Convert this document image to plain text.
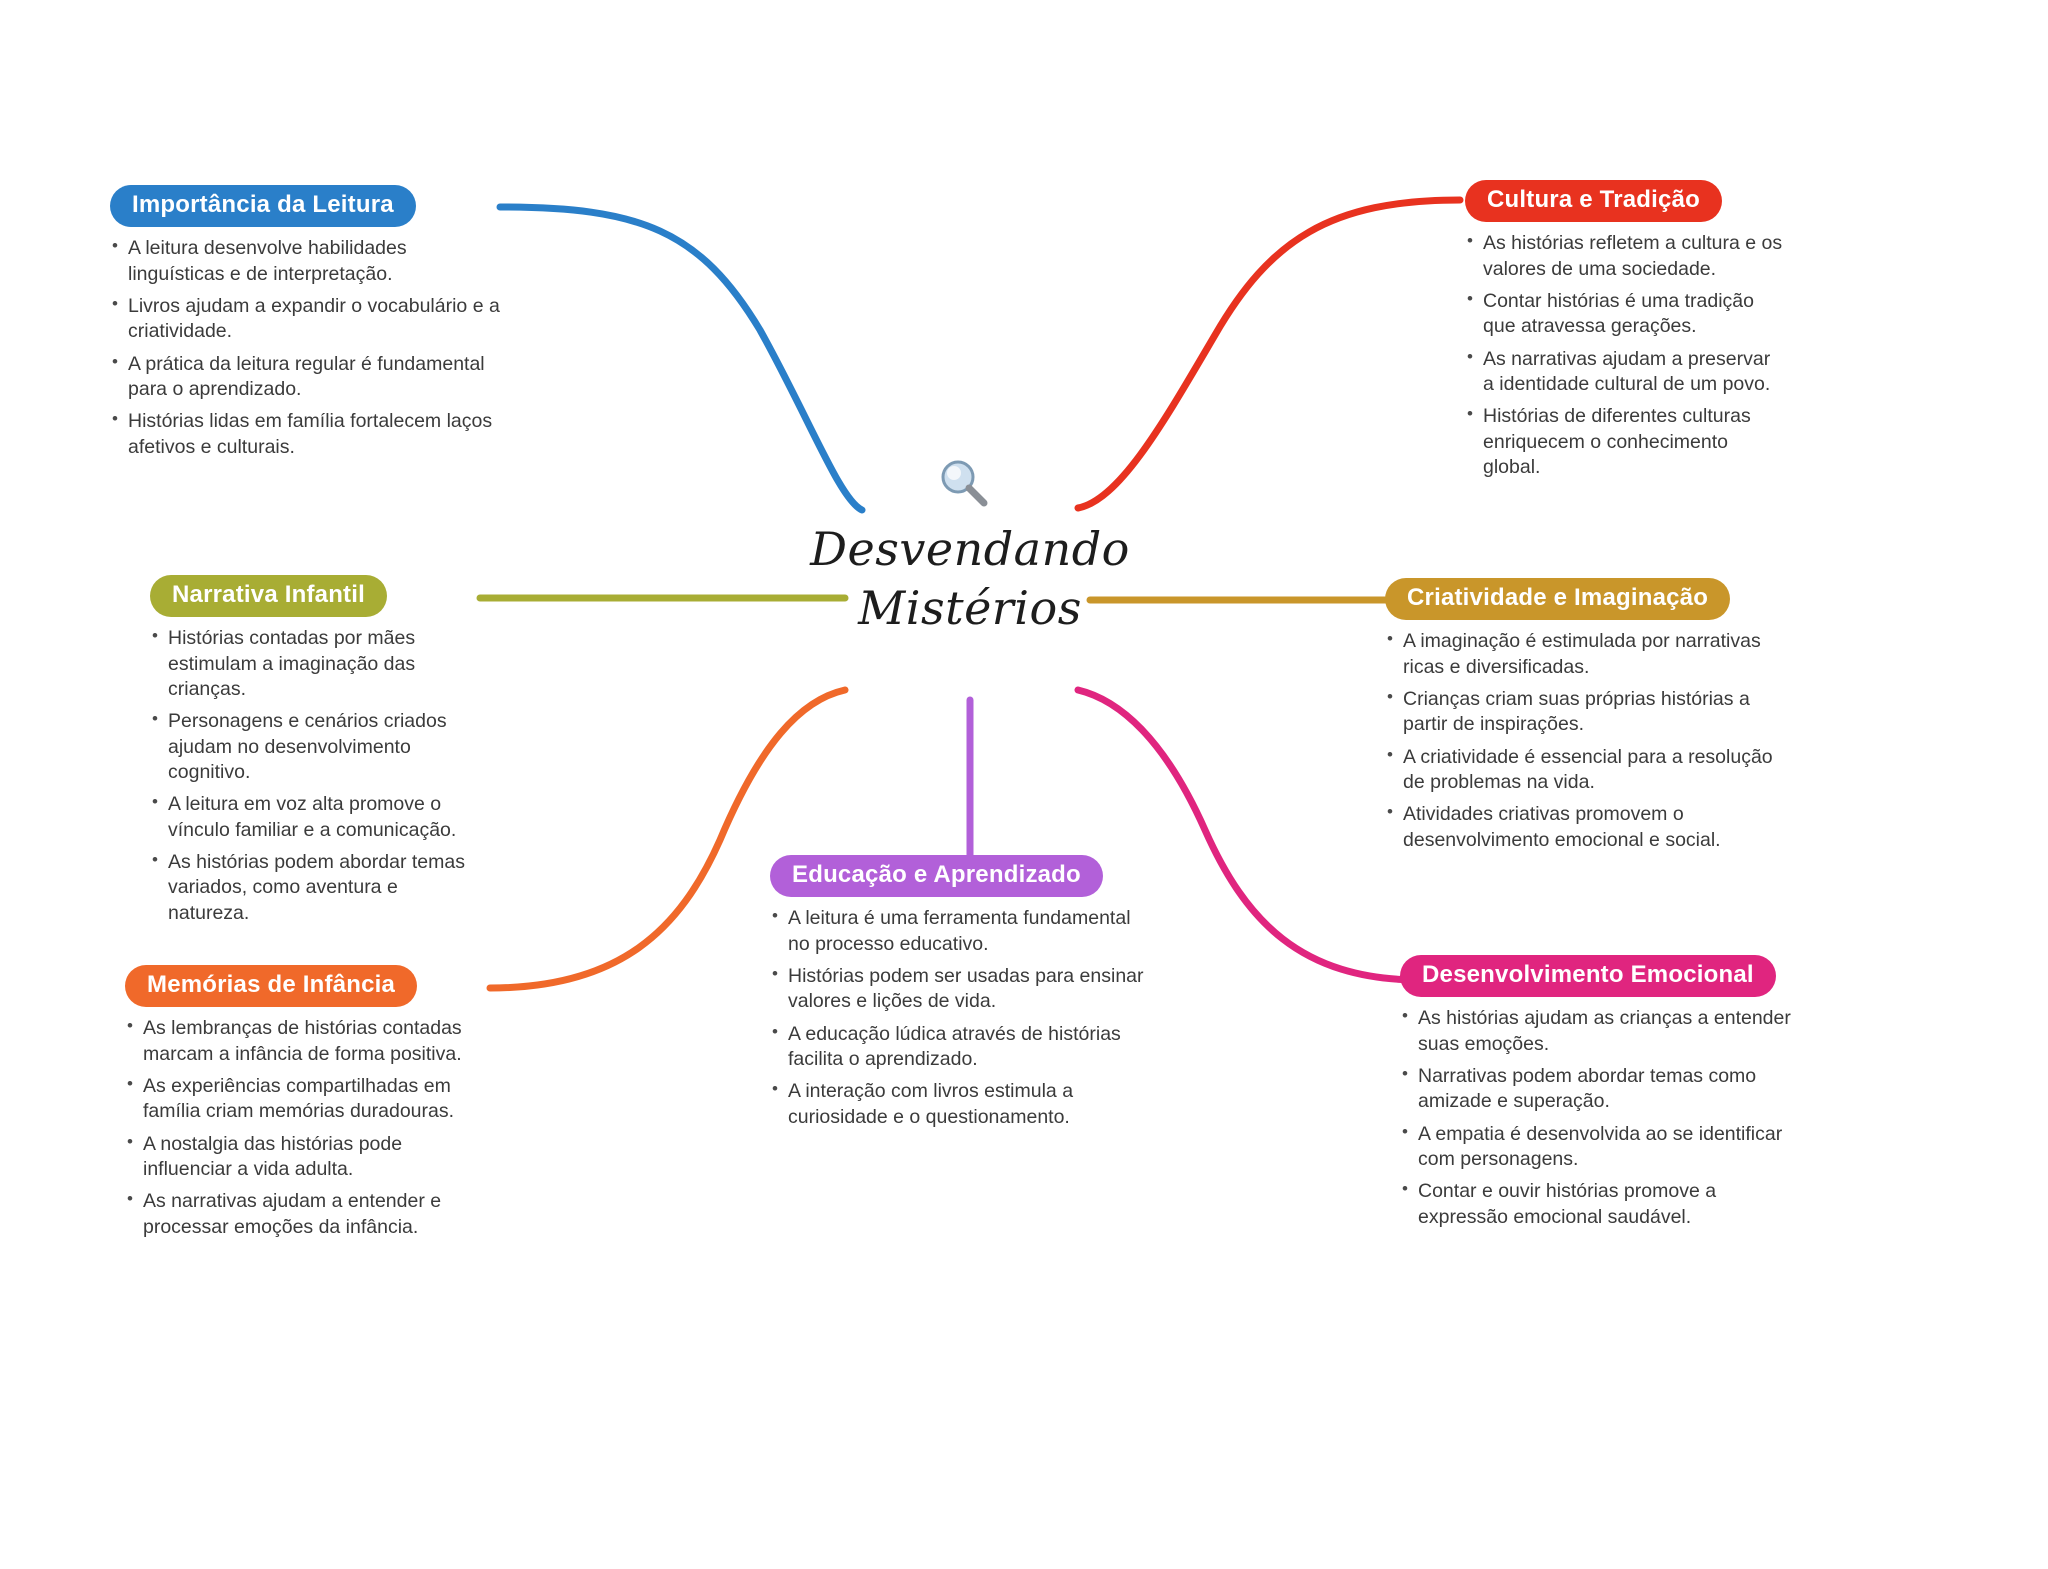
Desvendando
Mistérios
Importância da Leitura
• A leitura desenvolve habilidades linguísticas e de interpretação.
• Livros ajudam a expandir o vocabulário e a criatividade.
• A prática da leitura regular é fundamental para o aprendizado.
• Histórias lidas em família fortalecem laços afetivos e culturais.
Narrativa Infantil
• Histórias contadas por mães estimulam a imaginação das crianças.
• Personagens e cenários criados ajudam no desenvolvimento cognitivo.
• A leitura em voz alta promove o vínculo familiar e a comunicação.
• As histórias podem abordar temas variados, como aventura e natureza.
Memórias de Infância
• As lembranças de histórias contadas marcam a infância de forma positiva.
• As experiências compartilhadas em família criam memórias duradouras.
• A nostalgia das histórias pode influenciar a vida adulta.
• As narrativas ajudam a entender e processar emoções da infância.
Cultura e Tradição
• As histórias refletem a cultura e os valores de uma sociedade.
• Contar histórias é uma tradição que atravessa gerações.
• As narrativas ajudam a preservar a identidade cultural de um povo.
• Histórias de diferentes culturas enriquecem o conhecimento global.
Criatividade e Imaginação
• A imaginação é estimulada por narrativas ricas e diversificadas.
• Crianças criam suas próprias histórias a partir de inspirações.
• A criatividade é essencial para a resolução de problemas na vida.
• Atividades criativas promovem o desenvolvimento emocional e social.
Desenvolvimento Emocional
• As histórias ajudam as crianças a entender suas emoções.
• Narrativas podem abordar temas como amizade e superação.
• A empatia é desenvolvida ao se identificar com personagens.
• Contar e ouvir histórias promove a expressão emocional saudável.
Educação e Aprendizado
• A leitura é uma ferramenta fundamental no processo educativo.
• Histórias podem ser usadas para ensinar valores e lições de vida.
• A educação lúdica através de histórias facilita o aprendizado.
• A interação com livros estimula a curiosidade e o questionamento.
